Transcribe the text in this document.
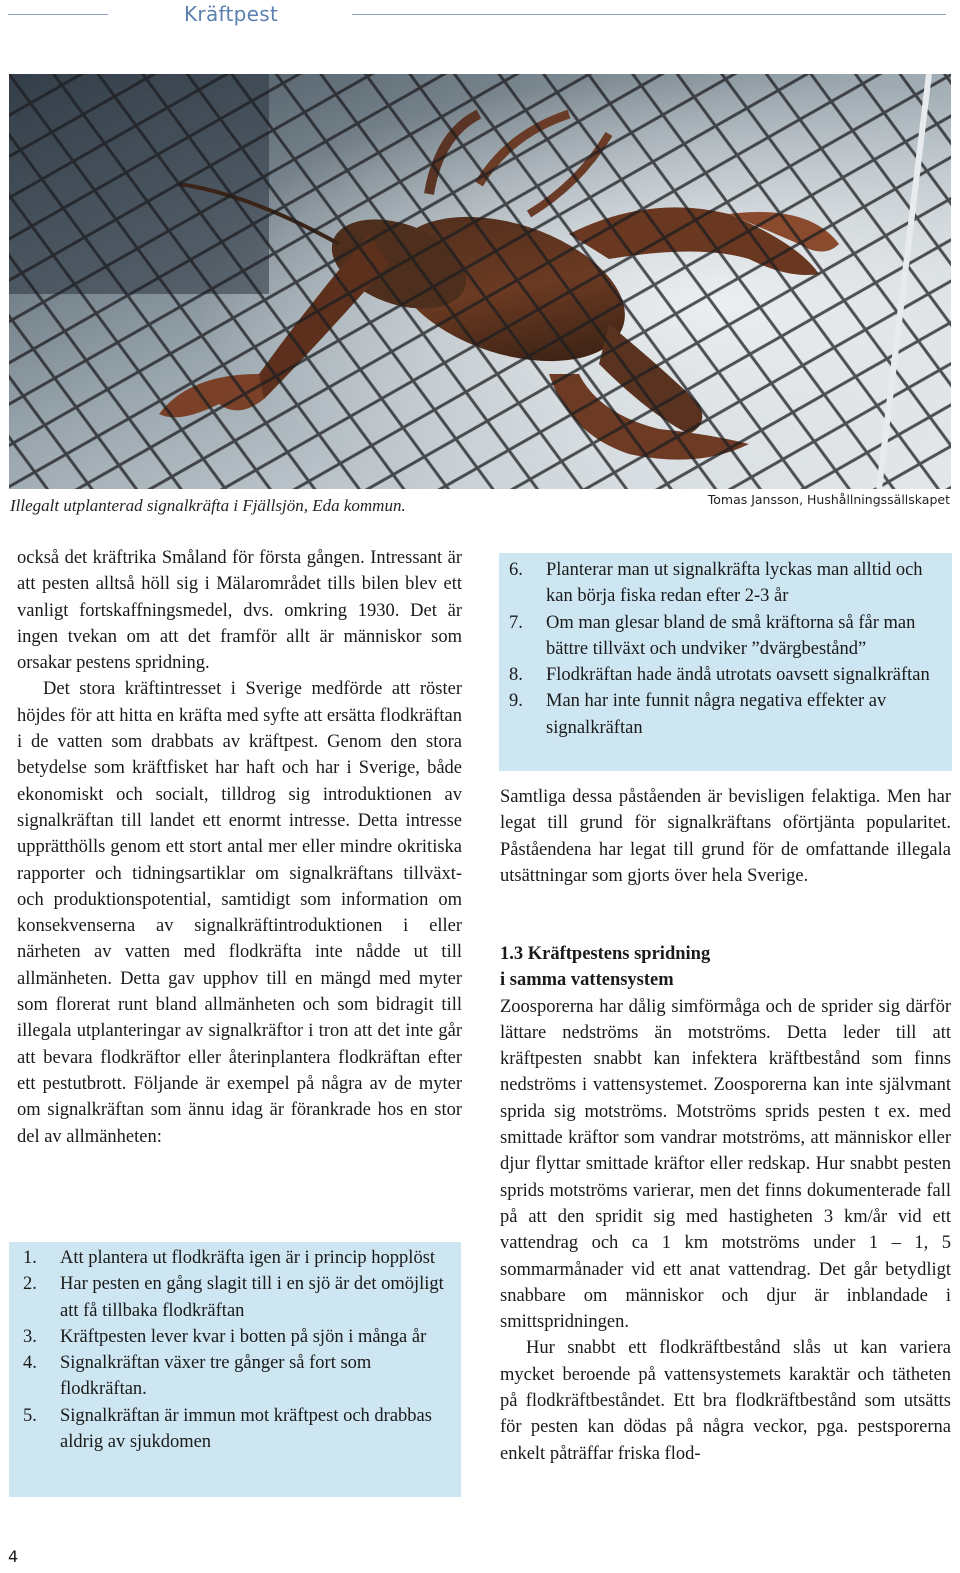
Kräftpest
Illegalt utplanterad signalkräfta i Fjällsjön, Eda kommun.	Tomas Jansson, Hushållningssällskapet

också det kräftrika Småland för första gången. Intressant är att pesten alltså höll sig i Mälarområdet tills bilen blev ett vanligt fortskaffningsmedel, dvs. omkring 1930. Det är ingen tvekan om att det framför allt är människor som orsakar pestens spridning.

Det stora kräftintresset i Sverige medförde att röster höjdes för att hitta en kräfta med syfte att ersätta flodkräftan i de vatten som drabbats av kräftpest. Genom den stora betydelse som kräftfisket har haft och har i Sverige, både ekonomiskt och socialt, tilldrog sig introduktionen av signalkräftan till landet ett enormt intresse. Detta intresse upprätthölls genom ett stort antal mer eller mindre okritiska rapporter och tidningsartiklar om signalkräftans tillväxt- och produktionspotential, samtidigt som information om konsekvenserna av signalkräftintroduktionen i eller närheten av vatten med flodkräfta inte nådde ut till allmänheten. Detta gav upphov till en mängd med myter som florerat runt bland allmänheten och som bidragit till illegala utplanteringar av signalkräftor i tron att det inte går att bevara flodkräftor eller återinplantera flodkräftan efter ett pestutbrott. Följande är exempel på några av de myter om signalkräftan som ännu idag är förankrade hos en stor del av allmänheten:

1. Att plantera ut flodkräfta igen är i princip hopplöst
2. Har pesten en gång slagit till i en sjö är det omöjligt att få tillbaka flodkräftan
3. Kräftpesten lever kvar i botten på sjön i många år
4. Signalkräftan växer tre gånger så fort som flodkräftan.
5. Signalkräftan är immun mot kräftpest och drabbas aldrig av sjukdomen
6. Planterar man ut signalkräfta lyckas man alltid och kan börja fiska redan efter 2-3 år
7. Om man glesar bland de små kräftorna så får man bättre tillväxt och undviker ”dvärgbestånd”
8. Flodkräftan hade ändå utrotats oavsett signalkräftan
9. Man har inte funnit några negativa effekter av signalkräftan

Samtliga dessa påståenden är bevisligen felaktiga. Men har legat till grund för signalkräftans oförtjänta popularitet. Påståendena har legat till grund för de omfattande illegala utsättningar som gjorts över hela Sverige.

1.3 Kräftpestens spridning
i samma vattensystem

Zoosporerna har dålig simförmåga och de sprider sig därför lättare nedströms än motströms. Detta leder till att kräftpesten snabbt kan infektera kräftbestånd som finns nedströms i vattensystemet. Zoosporerna kan inte självmant sprida sig motströms. Motströms sprids pesten t ex. med smittade kräftor som vandrar motströms, att människor eller djur flyttar smittade kräftor eller redskap. Hur snabbt pesten sprids motströms varierar, men det finns dokumenterade fall på att den spridit sig med hastigheten 3 km/år vid ett vattendrag och ca 1 km motströms under 1 – 1, 5 sommarmånader vid ett anat vattendrag. Det går betydligt snabbare om människor och djur är inblandade i smittspridningen.

Hur snabbt ett flodkräftbestånd slås ut kan variera mycket beroende på vattensystemets karaktär och tätheten på flodkräftbeståndet. Ett bra flodkräftbestånd som utsätts för pesten kan dödas på några veckor, pga. pestsporerna enkelt påträffar friska flod-

4
